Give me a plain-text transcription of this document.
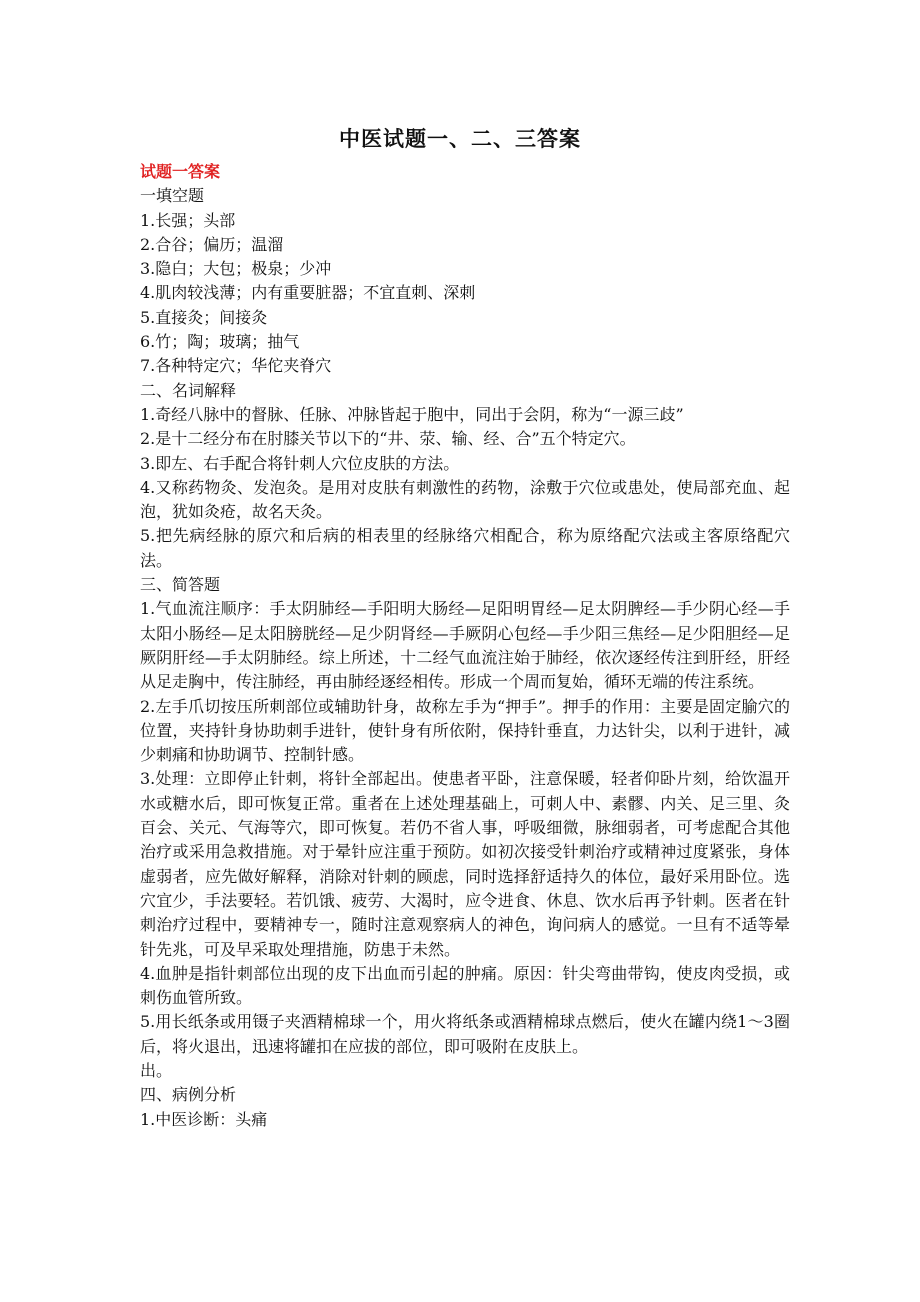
中医试题一、二、三答案
试题一答案
一填空题
1.长强；头部
2.合谷；偏历；温溜
3.隐白；大包；极泉；少冲
4.肌肉较浅薄；内有重要脏器；不宜直刺、深刺
5.直接灸；间接灸
6.竹；陶；玻璃；抽气
7.各种特定穴；华佗夹脊穴
二、名词解释
1.奇经八脉中的督脉、任脉、冲脉皆起于胞中，同出于会阴，称为“一源三歧”
2.是十二经分布在肘膝关节以下的“井、荥、输、经、合”五个特定穴。
3.即左、右手配合将针刺人穴位皮肤的方法。
4.又称药物灸、发泡灸。是用对皮肤有刺激性的药物，涂敷于穴位或患处，使局部充血、起泡，犹如灸疮，故名天灸。
5.把先病经脉的原穴和后病的相表里的经脉络穴相配合，称为原络配穴法或主客原络配穴法。
三、简答题
1.气血流注顺序：手太阴肺经—手阳明大肠经—足阳明胃经—足太阴脾经—手少阴心经—手太阳小肠经—足太阳膀胱经—足少阴肾经—手厥阴心包经—手少阳三焦经—足少阳胆经—足厥阴肝经—手太阴肺经。综上所述，十二经气血流注始于肺经，依次逐经传注到肝经，肝经从足走胸中，传注肺经，再由肺经逐经相传。形成一个周而复始，循环无端的传注系统。
2.左手爪切按压所刺部位或辅助针身，故称左手为“押手”。押手的作用：主要是固定腧穴的位置，夹持针身协助刺手进针，使针身有所依附，保持针垂直，力达针尖，以利于进针，减少刺痛和协助调节、控制针感。
3.处理：立即停止针刺，将针全部起出。使患者平卧，注意保暖，轻者仰卧片刻，给饮温开水或糖水后，即可恢复正常。重者在上述处理基础上，可刺人中、素髎、内关、足三里、灸百会、关元、气海等穴，即可恢复。若仍不省人事，呼吸细微，脉细弱者，可考虑配合其他治疗或采用急救措施。对于晕针应注重于预防。如初次接受针刺治疗或精神过度紧张，身体虚弱者，应先做好解释，消除对针刺的顾虑，同时选择舒适持久的体位，最好采用卧位。选穴宜少，手法要轻。若饥饿、疲劳、大渴时，应令进食、休息、饮水后再予针刺。医者在针刺治疗过程中，要精神专一，随时注意观察病人的神色，询问病人的感觉。一旦有不适等晕针先兆，可及早采取处理措施，防患于未然。
4.血肿是指针刺部位出现的皮下出血而引起的肿痛。原因：针尖弯曲带钩，使皮肉受损，或刺伤血管所致。
5.用长纸条或用镊子夹酒精棉球一个，用火将纸条或酒精棉球点燃后，使火在罐内绕1～3圈后，将火退出，迅速将罐扣在应拔的部位，即可吸附在皮肤上。
出。
四、病例分析
1.中医诊断：头痛
